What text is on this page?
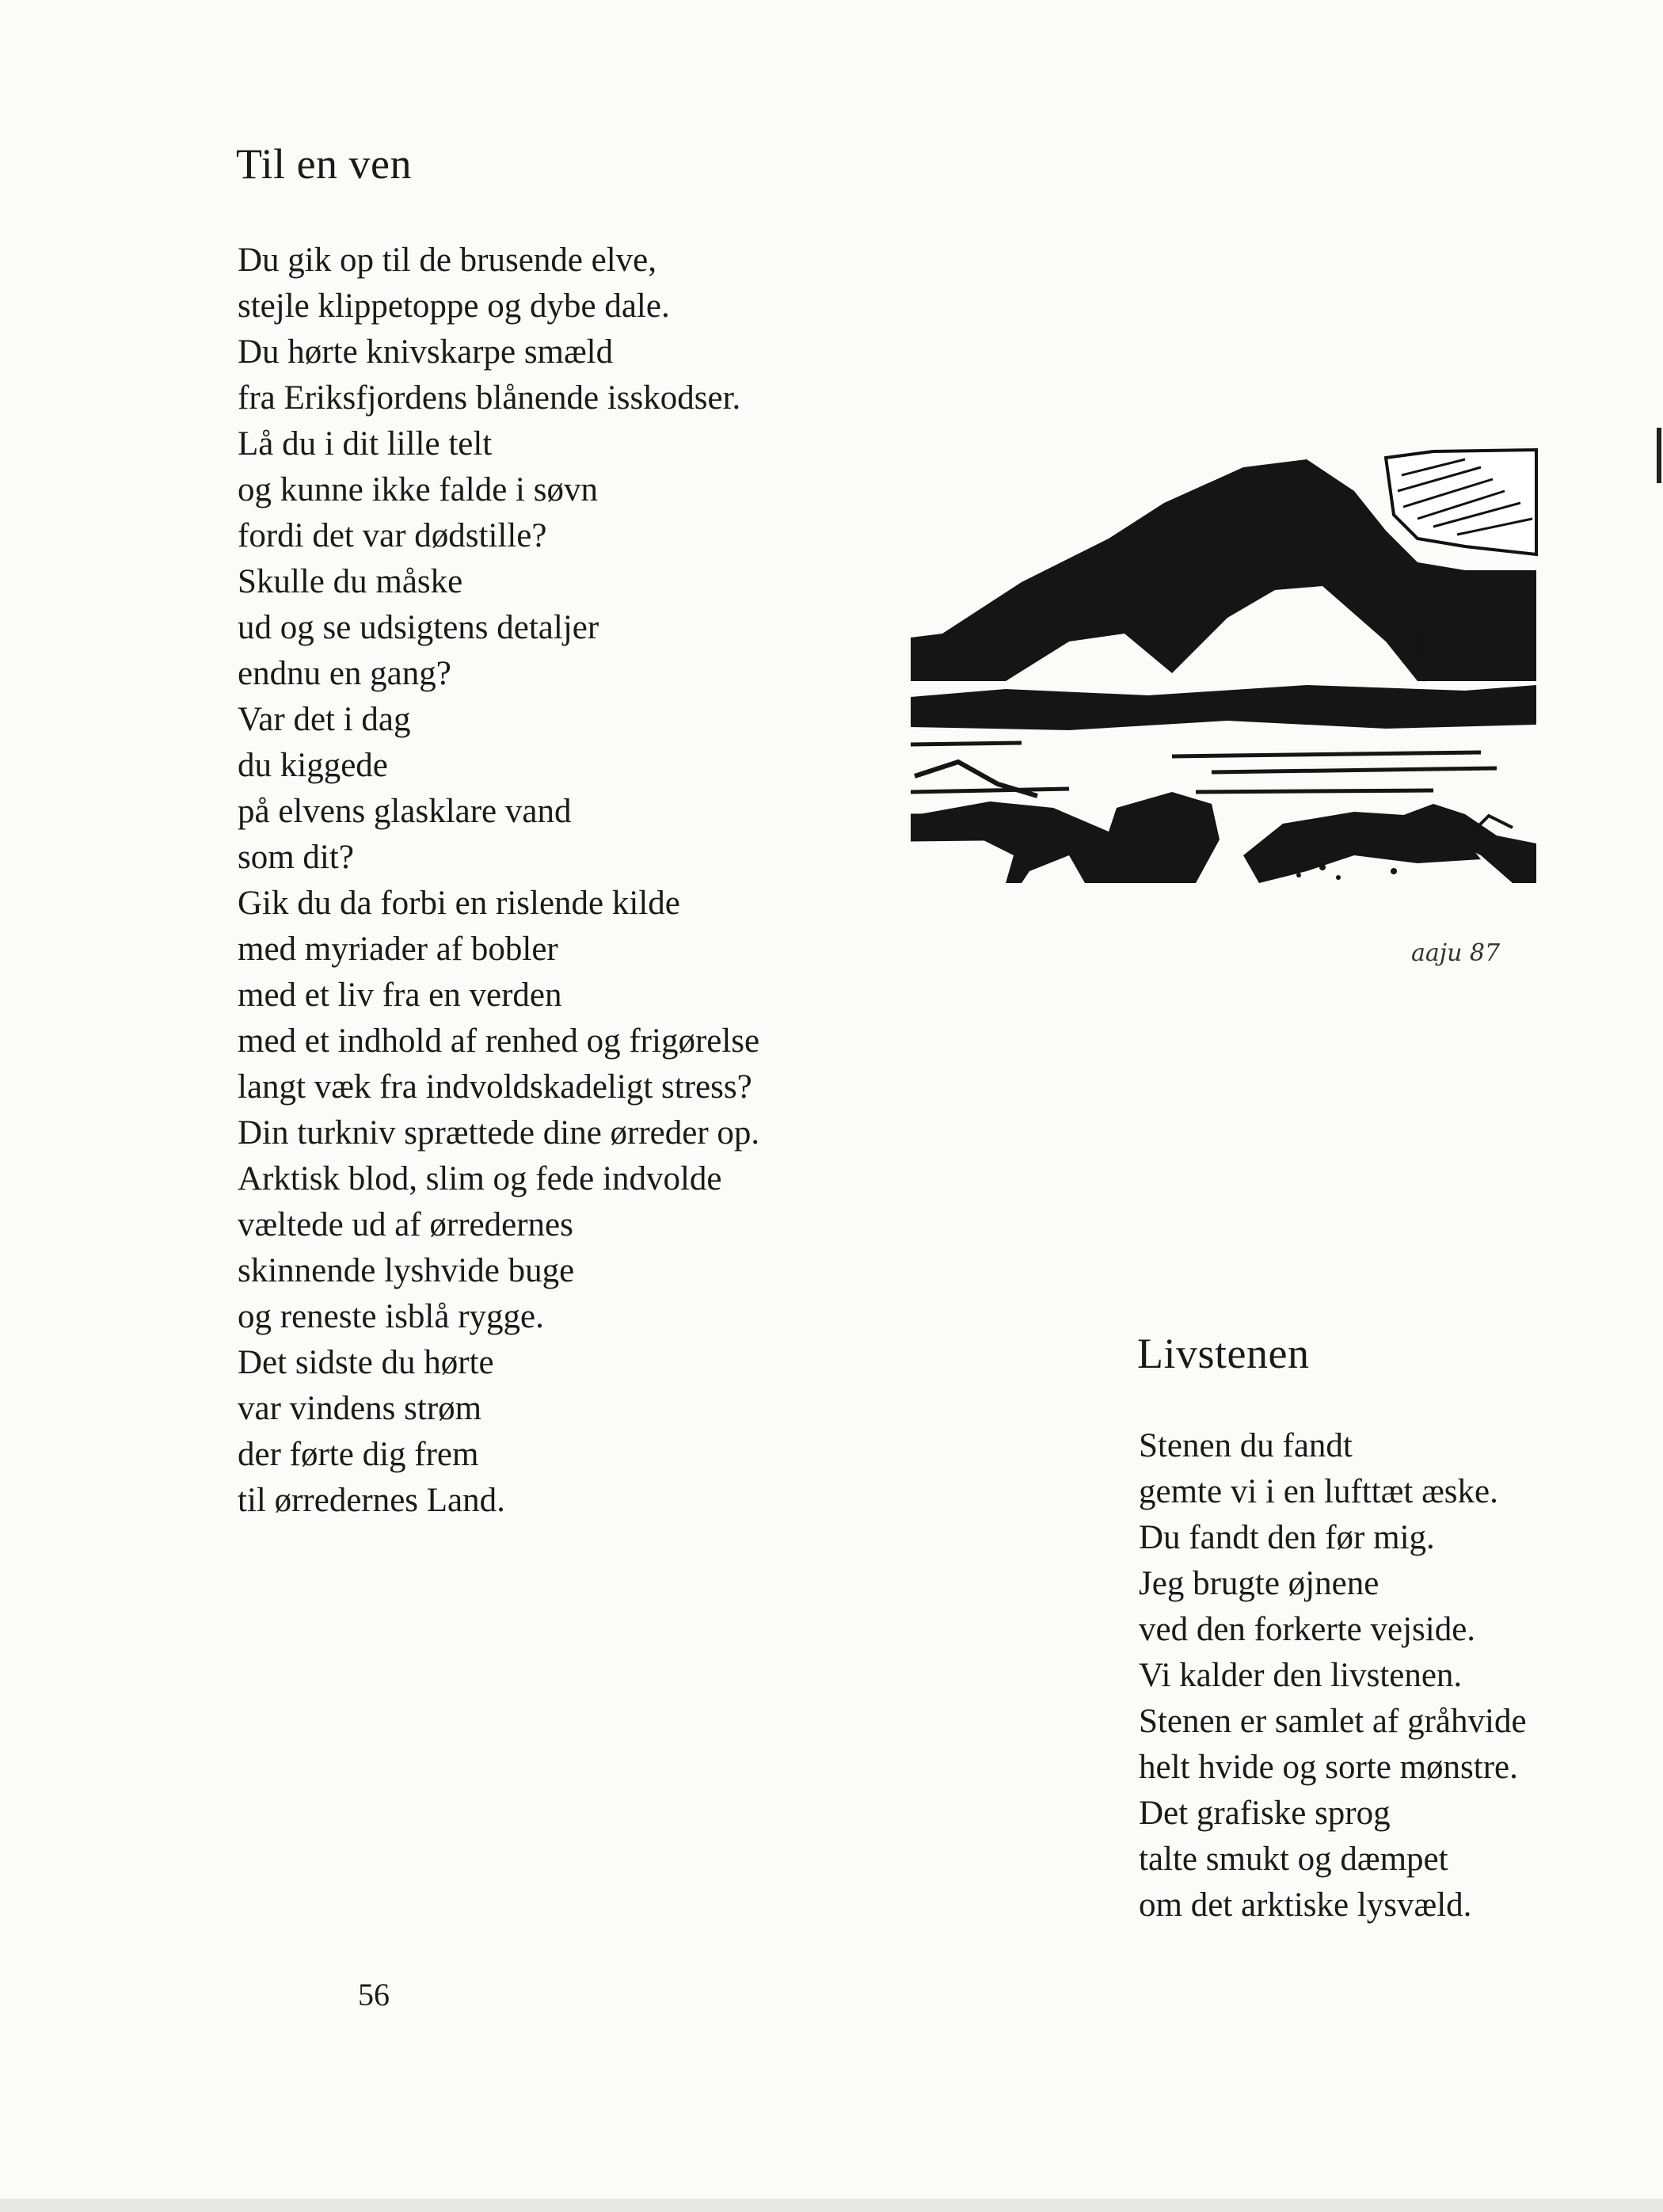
Til en ven
Du gik op til de brusende elve,
stejle klippetoppe og dybe dale.
Du hørte knivskarpe smæld
fra Eriksfjordens blånende isskodser.
Lå du i dit lille telt
og kunne ikke falde i søvn
fordi det var dødstille?
Skulle du måske
ud og se udsigtens detaljer
endnu en gang?
Var det i dag
du kiggede
på elvens glasklare vand
som dit?
Gik du da forbi en rislende kilde
med myriader af bobler
med et liv fra en verden
med et indhold af renhed og frigørelse
langt væk fra indvoldskadeligt stress?
Din turkniv sprættede dine ørreder op.
Arktisk blod, slim og fede indvolde
væltede ud af ørredernes
skinnende lyshvide buge
og reneste isblå rygge.
Det sidste du hørte
var vindens strøm
der førte dig frem
til ørredernes Land.
aaju 87
Livstenen
Stenen du fandt
gemte vi i en lufttæt æske.
Du fandt den før mig.
Jeg brugte øjnene
ved den forkerte vejside.
Vi kalder den livstenen.
Stenen er samlet af gråhvide
helt hvide og sorte mønstre.
Det grafiske sprog
talte smukt og dæmpet
om det arktiske lysvæld.
56
